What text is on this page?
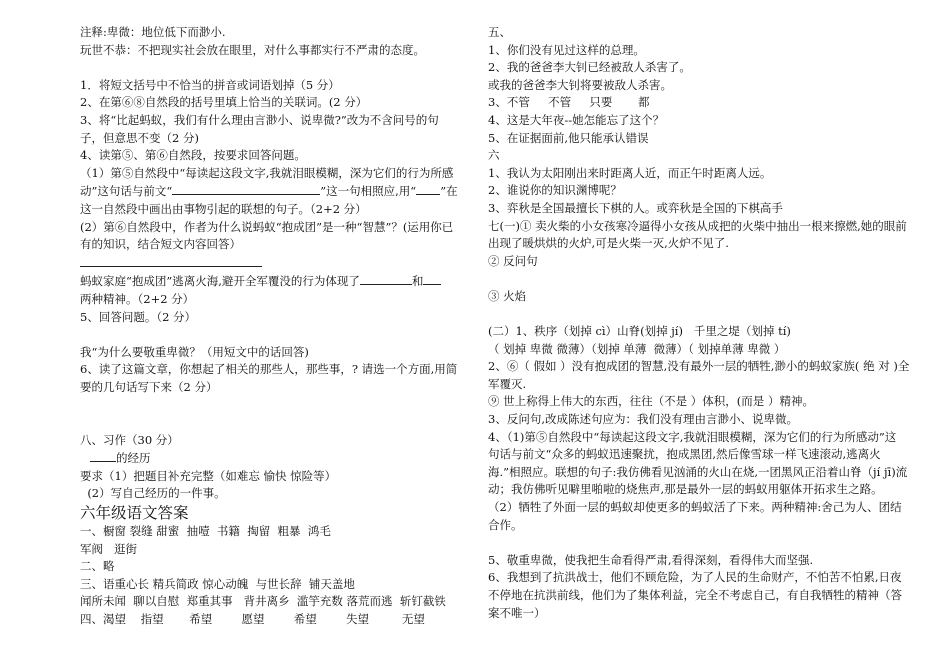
注释:卑微：地位低下而渺小.
玩世不恭：不把现实社会放在眼里，对什么事都实行不严肃的态度。
1．将短文括号中不恰当的拼音或词语划掉（5 分）
2、在第⑥⑧自然段的括号里填上恰当的关联词。(2 分）
3、将“比起蚂蚁，我们有什么理由言渺小、说卑微?”改为不含问号的句
子，但意思不变（2 分)
4、读第⑤、第⑥自然段，按要求回答问题。
（1）第⑤自然段中“每读起这段文字,我就泪眼模糊，深为它们的行为所感
动”这句话与前文“	”这一句相照应,用“ ”在
这一自然段中画出由事物引起的联想的句子。（2+2 分）
(2）第⑥自然段中，作者为什么说蚂蚁“抱成团”是一种“智慧”？(运用你已
有的知识，结合短文内容回答）
蚂蚁家庭“抱成团”逃离火海,避开全军覆没的行为体现了	和
两种精神。（2+2 分）
5、回答问题。（2 分）
我“为什么要敬重卑微？（用短文中的话回答)
6、读了这篇文章，你想起了相关的那些人，那些事，? 请选一个方面,用简
要的几句话写下来（2 分）
八、习作（30 分）
的经历
要求（1）把题目补充完整（如难忘 愉快 惊险等）
(2）写自己经历的一件事。
六年级语文答案
一、橱窗 裂缝 甜蜜  抽噎  书籍  掏留  粗暴  鸿毛
军阀   逛街
二、略
三、语重心长 精兵简政 惊心动魄  与世长辞  铺天盖地
闻所未闻  聊以自慰  郑重其事   背井离乡  滥竽充数 落荒而逃  斩钉截铁
四、渴望    指望       希望        愿望        希望        失望         无望
五、
1、你们没有见过这样的总理。
2、我的爸爸李大钊已经被敌人杀害了。
或我的爸爸李大钊将要被敌人杀害。
3、不管     不管     只要       都
4、这是大年夜--她怎能忘了这个？
5、在证据面前,他只能承认错误
六
1、我认为太阳刚出来时距离人近，而正午时距离人远。
2、谁说你的知识渊博呢？
3、弈秋是全国最擅长下棋的人。或弈秋是全国的下棋高手
七(一)① 卖火柴的小女孩寒冷逼得小女孩从成把的火柴中抽出一根来擦燃,她的眼前
出现了暖烘烘的火炉,可是火柴一灭,火炉不见了.
② 反问句
③ 火焰
(二）1、秩序（划掉 cì）山脊(划掉 jí)   千里之堤（划掉 tí)
（ 划掉 卑微 微薄）（划掉 单薄  微薄）（ 划掉单薄 卑微 ）
2、⑥（ 假如 ）没有抱成团的智慧,没有最外一层的牺牲,渺小的蚂蚁家族( 绝 对 )全
军覆灭.
⑨ 世上称得上伟大的东西，往往（不是 ）体积，(而是 ）精神。
3、反问句,改成陈述句应为：我们没有理由言渺小、说卑微。
4、（1)第⑤自然段中“每读起这段文字,我就泪眼模糊，深为它们的行为所感动”这
句话与前文“众多的蚂蚁迅速聚扰，抱成黑团,然后像雪球一样飞速滚动,逃离火
海.”相照应。联想的句子:我仿佛看见汹涌的火山在烧,一团黑风正沿着山脊（jí jī)流
动；我仿佛听见噼里啪啦的烧焦声,那是最外一层的蚂蚁用躯体开拓求生之路。
（2）牺牲了外面一层的蚂蚁却使更多的蚂蚁活了下来。两种精神:舍己为人、团结
合作。
5、敬重卑微，使我把生命看得严肃,看得深刻，看得伟大而坚强.
6、我想到了抗洪战士，他们不顾危险，为了人民的生命财产，不怕苦不怕累,日夜
不停地在抗洪前线，他们为了集体利益，完全不考虑自己，有自我牺牲的精神（答
案不唯一）
